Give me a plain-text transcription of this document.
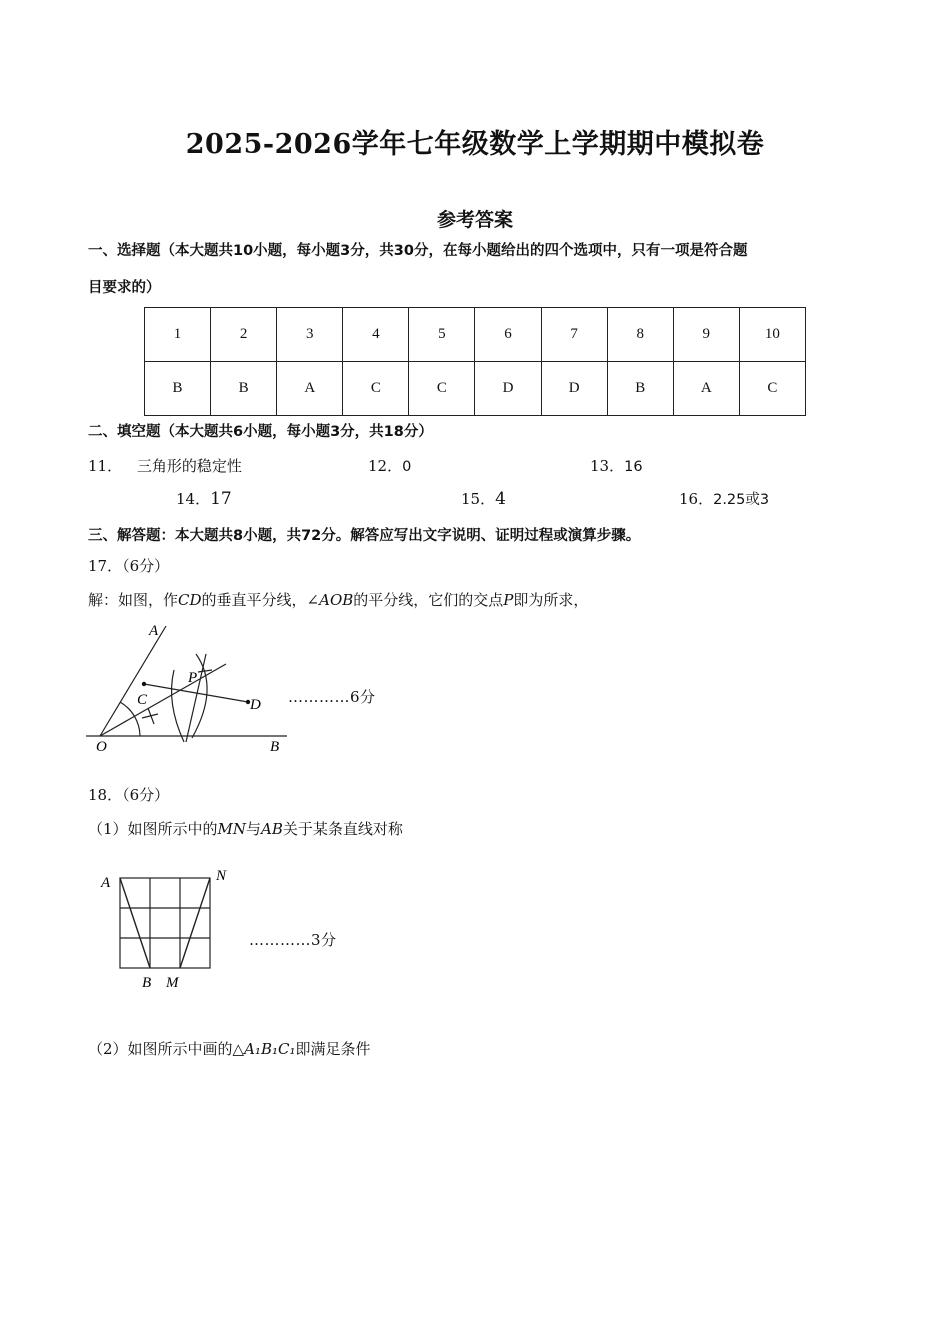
2025-2026学年七年级数学上学期期中模拟卷
参考答案
一、选择题（本大题共10小题，每小题3分，共30分，在每小题给出的四个选项中，只有一项是符合题
目要求的）
1	2	3	4	5	6	7	8	9	10
B	B	A	C	C	D	D	B	A	C
二、填空题（本大题共6小题，每小题3分，共18分）
11． 三角形的稳定性	12．0	13．16
14．17	15．4	16．2.25或3
三、解答题：本大题共8小题，共72分。解答应写出文字说明、证明过程或演算步骤。
17．（6分）
解：如图，作CD的垂直平分线，∠AOB的平分线，它们的交点P即为所求，
A
C
P
D
O	B
…………6分
18．（6分）
（1）如图所示中的MN与AB关于某条直线对称
A	N
B M
…………3分
（2）如图所示中画的△A₁B₁C₁即满足条件
